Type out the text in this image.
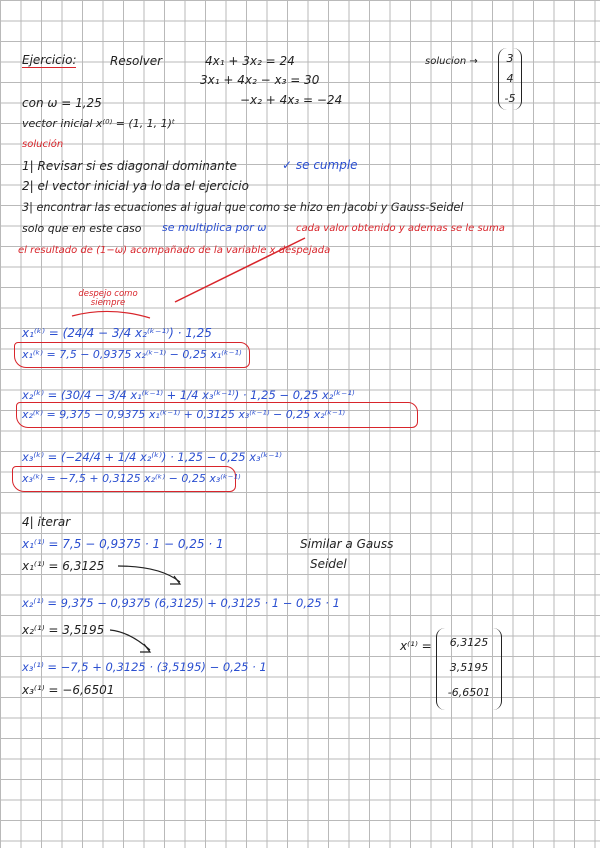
Ejercicio:	Resolver	4x₁ + 3x₂ = 24
3x₁ + 4x₂ − x₃ = 30
−x₂ + 4x₃ = −24
solucion →	3
4
-5
con ω = 1,25
vector inicial x⁽⁰⁾ = (1, 1, 1)ᵗ
solución
1| Revisar si es diagonal dominante	✓ se cumple
2| el vector inicial ya lo da el ejercicio
3| encontrar las ecuaciones al igual que como se hizo en Jacobi y Gauss-Seidel
solo que en este caso se multiplica por ω	cada valor obtenido y ademas se le suma
el resultado de (1−ω) acompañado de la variable x despejada
despejo como siempre
x₁⁽ᵏ⁾ = (24/4 − 3/4 x₂⁽ᵏ⁻¹⁾) · 1,25
x₁⁽ᵏ⁾ = 7,5 − 0,9375 x₂⁽ᵏ⁻¹⁾ − 0,25 x₁⁽ᵏ⁻¹⁾
x₂⁽ᵏ⁾ = (30/4 − 3/4 x₁⁽ᵏ⁻¹⁾ + 1/4 x₃⁽ᵏ⁻¹⁾) · 1,25 − 0,25 x₂⁽ᵏ⁻¹⁾
x₂⁽ᵏ⁾ = 9,375 − 0,9375 x₁⁽ᵏ⁻¹⁾ + 0,3125 x₃⁽ᵏ⁻¹⁾ − 0,25 x₂⁽ᵏ⁻¹⁾
x₃⁽ᵏ⁾ = (−24/4 + 1/4 x₂⁽ᵏ⁾) · 1,25 − 0,25 x₃⁽ᵏ⁻¹⁾
x₃⁽ᵏ⁾ = −7,5 + 0,3125 x₂⁽ᵏ⁾ − 0,25 x₃⁽ᵏ⁻¹⁾
4| iterar
x₁⁽¹⁾ = 7,5 − 0,9375 · 1 − 0,25 · 1
x₁⁽¹⁾ = 6,3125
Similar a Gauss
Seidel
x₂⁽¹⁾ = 9,375 − 0,9375 (6,3125) + 0,3125 · 1 − 0,25 · 1
x₂⁽¹⁾ = 3,5195
x₃⁽¹⁾ = −7,5 + 0,3125 · (3,5195) − 0,25 · 1
x₃⁽¹⁾ = −6,6501
x⁽¹⁾ =	6,3125
3,5195
-6,6501
